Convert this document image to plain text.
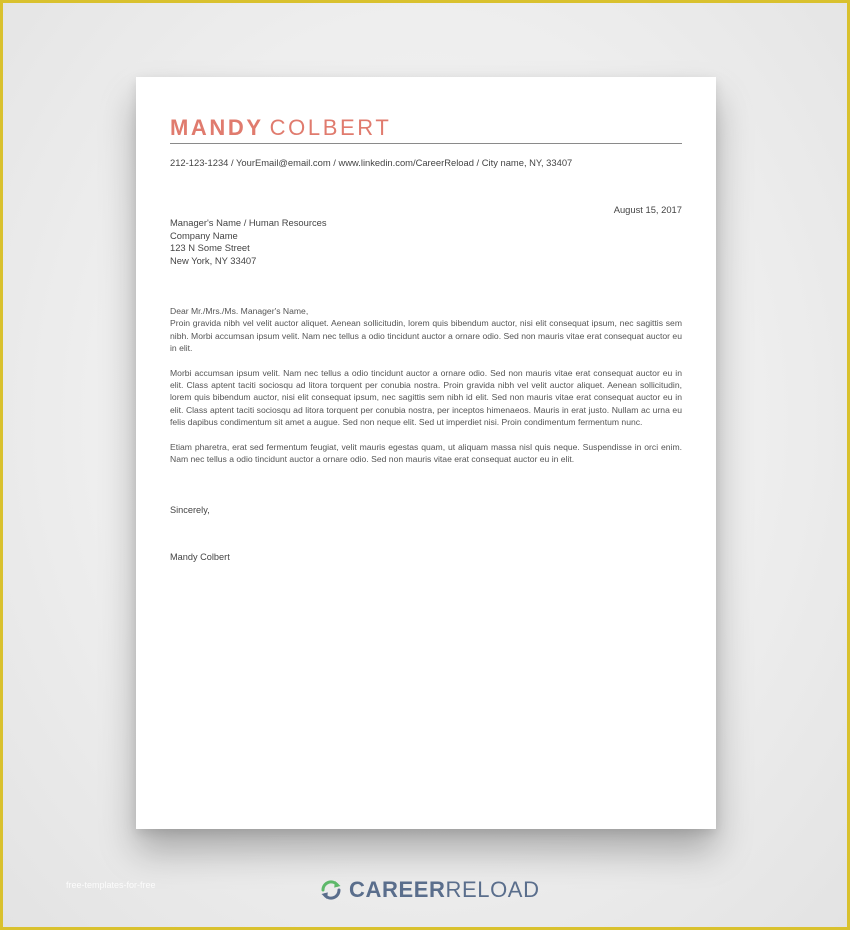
MANDY COLBERT
212-123-1234 / YourEmail@email.com / www.linkedin.com/CareerReload / City name, NY, 33407
August 15, 2017
Manager's Name / Human Resources
Company Name
123 N Some Street
New York, NY 33407
Dear Mr./Mrs./Ms. Manager's Name,

Proin gravida nibh vel velit auctor aliquet. Aenean sollicitudin, lorem quis bibendum auctor, nisi elit consequat ipsum, nec sagittis sem nibh. Morbi accumsan ipsum velit. Nam nec tellus a odio tincidunt auctor a ornare odio. Sed non mauris vitae erat consequat auctor eu in elit.

Morbi accumsan ipsum velit. Nam nec tellus a odio tincidunt auctor a ornare odio. Sed non mauris vitae erat consequat auctor eu in elit. Class aptent taciti sociosqu ad litora torquent per conubia nostra. Proin gravida nibh vel velit auctor aliquet. Aenean sollicitudin, lorem quis bibendum auctor, nisi elit consequat ipsum, nec sagittis sem nibh id elit. Sed non mauris vitae erat consequat auctor eu in elit. Class aptent taciti sociosqu ad litora torquent per conubia nostra, per inceptos himenaeos. Mauris in erat justo. Nullam ac urna eu felis dapibus condimentum sit amet a augue. Sed non neque elit. Sed ut imperdiet nisi. Proin condimentum fermentum nunc.

Etiam pharetra, erat sed fermentum feugiat, velit mauris egestas quam, ut aliquam massa nisl quis neque. Suspendisse in orci enim. Nam nec tellus a odio tincidunt auctor a ornare odio. Sed non mauris vitae erat consequat auctor eu in elit.

Sincerely,
Mandy Colbert
free-templates-for-free	CAREERRELOAD
